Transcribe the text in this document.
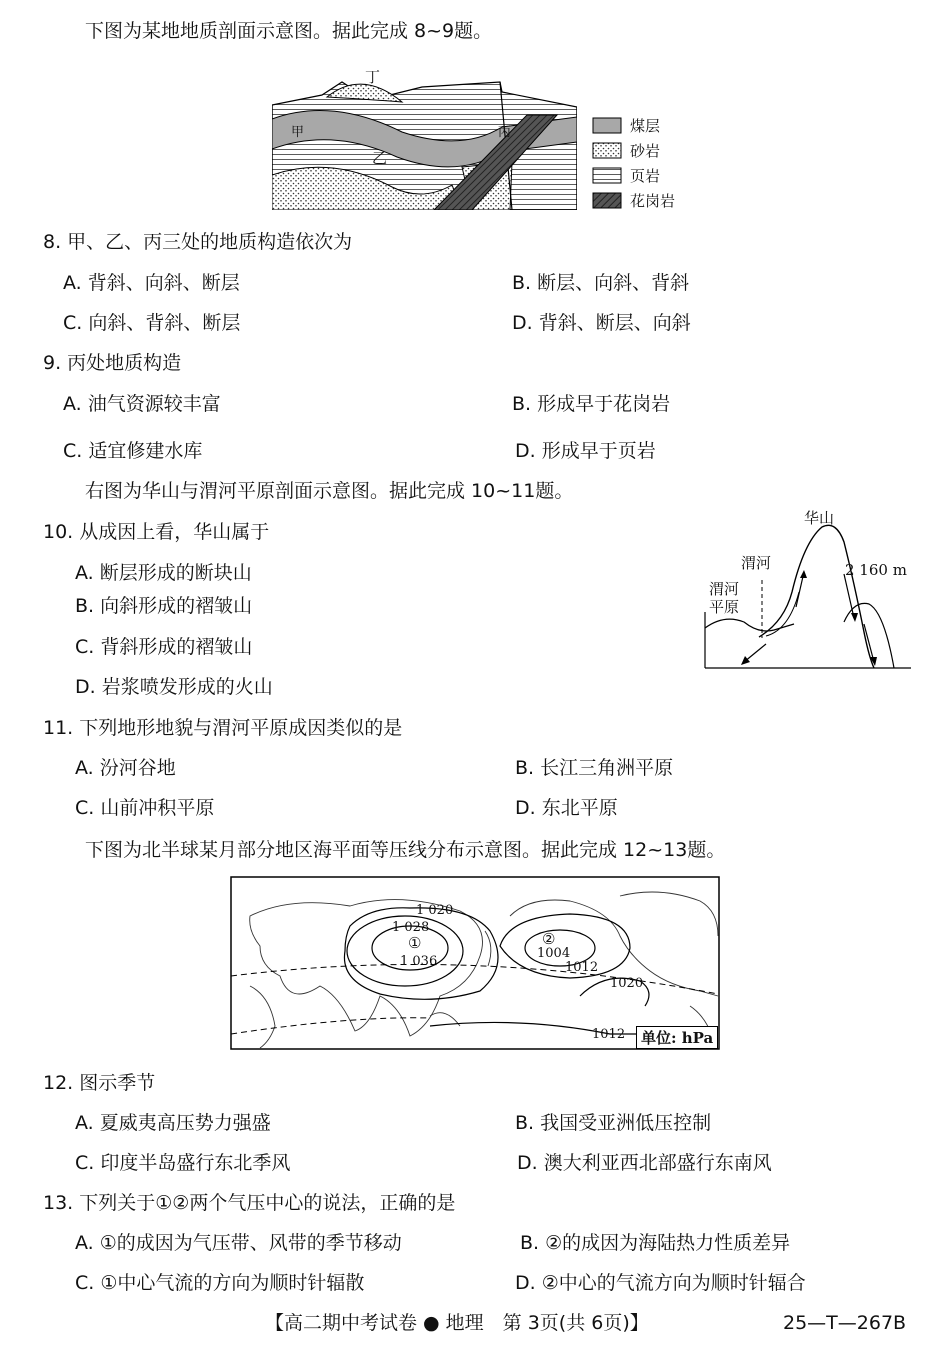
下图为某地地质剖面示意图。据此完成 8~9题。
丁
甲
乙
丙	煤层
砂岩
页岩
花岗岩
8. 甲、乙、丙三处的地质构造依次为
A. 背斜、向斜、断层	B. 断层、向斜、背斜
C. 向斜、背斜、断层	D. 背斜、断层、向斜
9. 丙处地质构造
A. 油气资源较丰富	B. 形成早于花岗岩
C. 适宜修建水库	D. 形成早于页岩
右图为华山与渭河平原剖面示意图。据此完成 10~11题。
华山
渭河
渭河
平原
2 160 m
10. 从成因上看，华山属于
A. 断层形成的断块山
B. 向斜形成的褶皱山
C. 背斜形成的褶皱山
D. 岩浆喷发形成的火山
11. 下列地形地貌与渭河平原成因类似的是
A. 汾河谷地	B. 长江三角洲平原
C. 山前冲积平原	D. 东北平原
下图为北半球某月部分地区海平面等压线分布示意图。据此完成 12~13题。
1 020
1 028
①
1 036
②
1004
1012
1020
1012	单位: hPa
12. 图示季节
A. 夏威夷高压势力强盛	B. 我国受亚洲低压控制
C. 印度半岛盛行东北季风	D. 澳大利亚西北部盛行东南风
13. 下列关于①②两个气压中心的说法，正确的是
A. ①的成因为气压带、风带的季节移动	B. ②的成因为海陆热力性质差异
C. ①中心气流的方向为顺时针辐散	D. ②中心的气流方向为顺时针辐合
【高二期中考试卷 ● 地理　第 3页(共 6页)】	25—T—267B
